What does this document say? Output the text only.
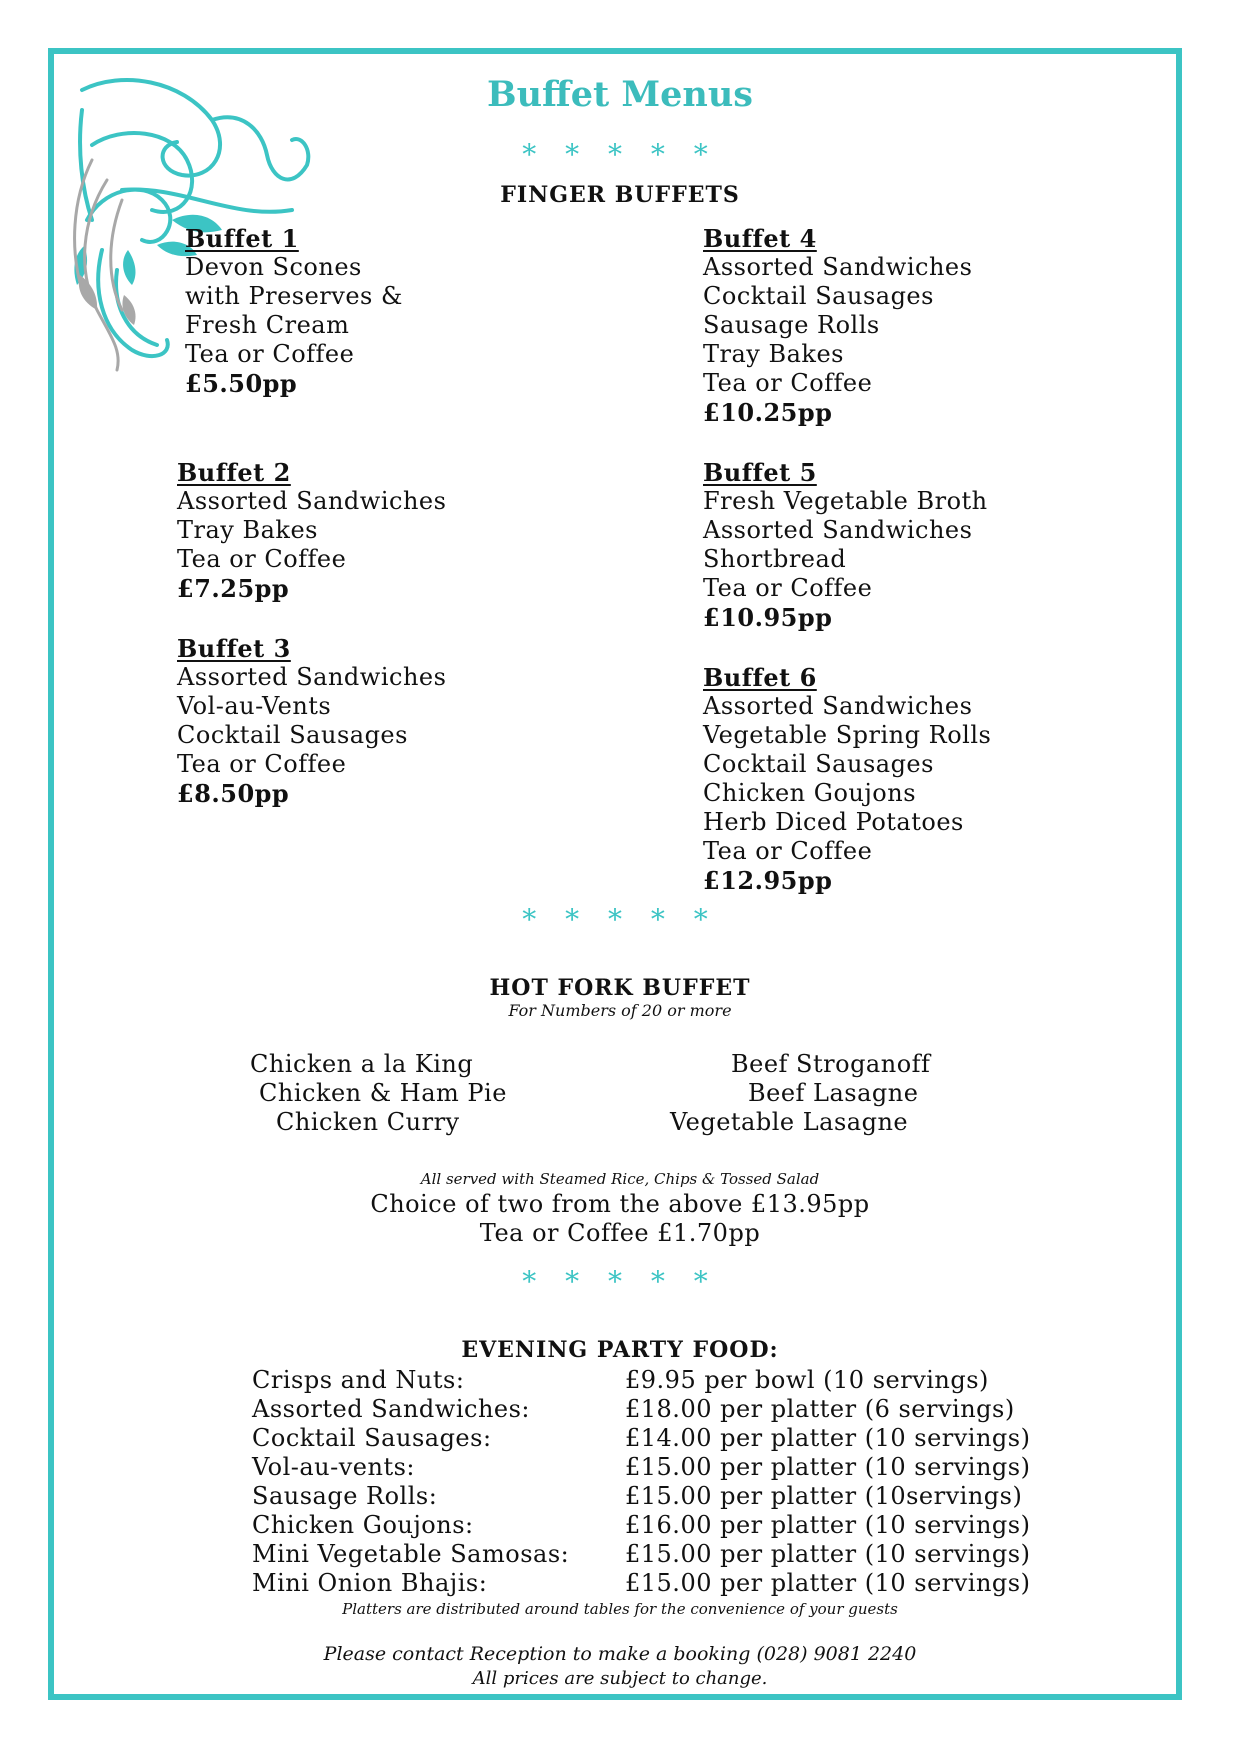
Buffet Menus
* * * * *
FINGER BUFFETS
Buffet 1
Devon Scones
with Preserves &
Fresh Cream
Tea or Coffee
£5.50pp
Buffet 4
Assorted Sandwiches
Cocktail Sausages
Sausage Rolls
Tray Bakes
Tea or Coffee
£10.25pp
Buffet 2
Assorted Sandwiches
Tray Bakes
Tea or Coffee
£7.25pp
Buffet 5
Fresh Vegetable Broth
Assorted Sandwiches
Shortbread
Tea or Coffee
£10.95pp
Buffet 3
Assorted Sandwiches
Vol-au-Vents
Cocktail Sausages
Tea or Coffee
£8.50pp
Buffet 6
Assorted Sandwiches
Vegetable Spring Rolls
Cocktail Sausages
Chicken Goujons
Herb Diced Potatoes
Tea or Coffee
£12.95pp
* * * * *
HOT FORK BUFFET
For Numbers of 20 or more
Chicken a la King
Chicken & Ham Pie
Chicken Curry
Beef Stroganoff
Beef Lasagne
Vegetable Lasagne
All served with Steamed Rice, Chips & Tossed Salad
Choice of two from the above £13.95pp
Tea or Coffee £1.70pp
* * * * *
EVENING PARTY FOOD:
Crisps and Nuts:	£9.95 per bowl (10 servings)
Assorted Sandwiches:	£18.00 per platter (6 servings)
Cocktail Sausages:	£14.00 per platter (10 servings)
Vol-au-vents:	£15.00 per platter (10 servings)
Sausage Rolls:	£15.00 per platter (10servings)
Chicken Goujons:	£16.00 per platter (10 servings)
Mini Vegetable Samosas: £15.00 per platter (10 servings)
Mini Onion Bhajis:	£15.00 per platter (10 servings)
Platters are distributed around tables for the convenience of your guests
Please contact Reception to make a booking (028) 9081 2240
All prices are subject to change.
